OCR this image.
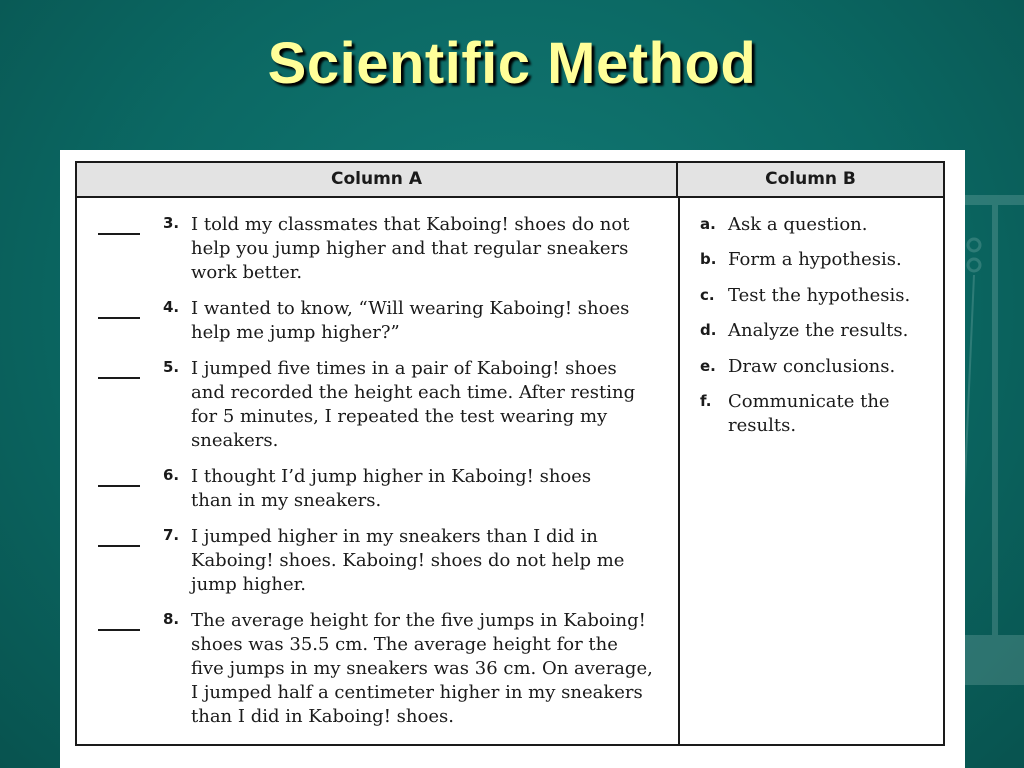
Scientific Method
Column A	Column B
3. I told my classmates that Kaboing! shoes do not
help you jump higher and that regular sneakers
work better.
4. I wanted to know, “Will wearing Kaboing! shoes
help me jump higher?”
5. I jumped five times in a pair of Kaboing! shoes
and recorded the height each time. After resting
for 5 minutes, I repeated the test wearing my
sneakers.
6. I thought I’d jump higher in Kaboing! shoes
than in my sneakers.
7. I jumped higher in my sneakers than I did in
Kaboing! shoes. Kaboing! shoes do not help me
jump higher.
8. The average height for the five jumps in Kaboing!
shoes was 35.5 cm. The average height for the
five jumps in my sneakers was 36 cm. On average,
I jumped half a centimeter higher in my sneakers
than I did in Kaboing! shoes.
a. Ask a question.
b. Form a hypothesis.
c. Test the hypothesis.
d. Analyze the results.
e. Draw conclusions.
f. Communicate the
results.
